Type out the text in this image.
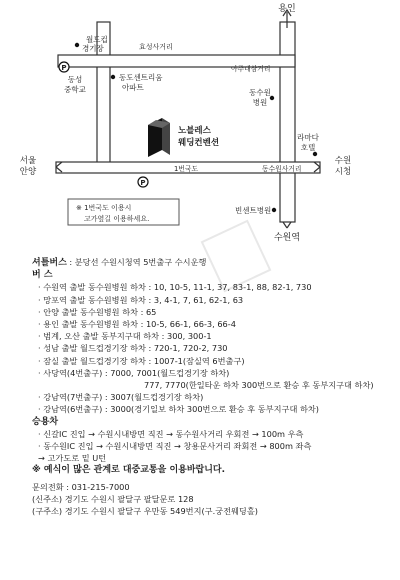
P
P
용인
월드컵
경기장	효성사거리
동성
중학교
동도센트리움
아파트
아주대삼거리
동수원
병원
노블레스
웨딩컨벤션
라마다
호텔
서울
안양	1번국도	동수원사거리
수원
시청
빈센트병원
수원역
※ 1번국도 이용시
고가옆길 이용하세요.
셔틀버스 : 분당선 수원시청역 5번출구 수시운행
버 스
· 수원역 출발 동수원병원 하차 : 10, 10-5, 11-1, 37, 83-1, 88, 82-1, 730
· 망포역 출발 동수원병원 하차 : 3, 4-1, 7, 61, 62-1, 63
· 안양 출발 동수원병원 하차 : 65
· 용인 출발 동수원병원 하차 : 10-5, 66-1, 66-3, 66-4
· 범계, 오산 출발 동부지구대 하차 : 300, 300-1
· 성남 출발 월드컵경기장 하차 : 720-1, 720-2, 730
· 잠실 출발 월드컵경기장 하차 : 1007-1(잠실역 6번출구)
· 사당역(4번출구) : 7000, 7001(월드컵경기장 하차)
777, 7770(한일타운 하차 300번으로 환승 후 동부지구대 하차)
· 강남역(7번출구) : 3007(월드컵경기장 하차)
· 강남역(6번출구) : 3000(경기일보 하차 300번으로 환승 후 동부지구대 하차)
승용차
· 신갈IC 진입 → 수원시내방면 직진 → 동수원사거리 우회전 → 100m 우측
· 동수원IC 진입 → 수원시내방면 직진 → 창용문사거리 좌회전 → 800m 좌측
→ 고가도로 밑 U턴
※ 예식이 많은 관계로 대중교통을 이용바랍니다.
문의전화 : 031-215-7000
(신주소) 경기도 수원시 팔달구 팔달문로 128
(구주소) 경기도 수원시 팔달구 우만동 549번지(구.궁전웨딩홀)
